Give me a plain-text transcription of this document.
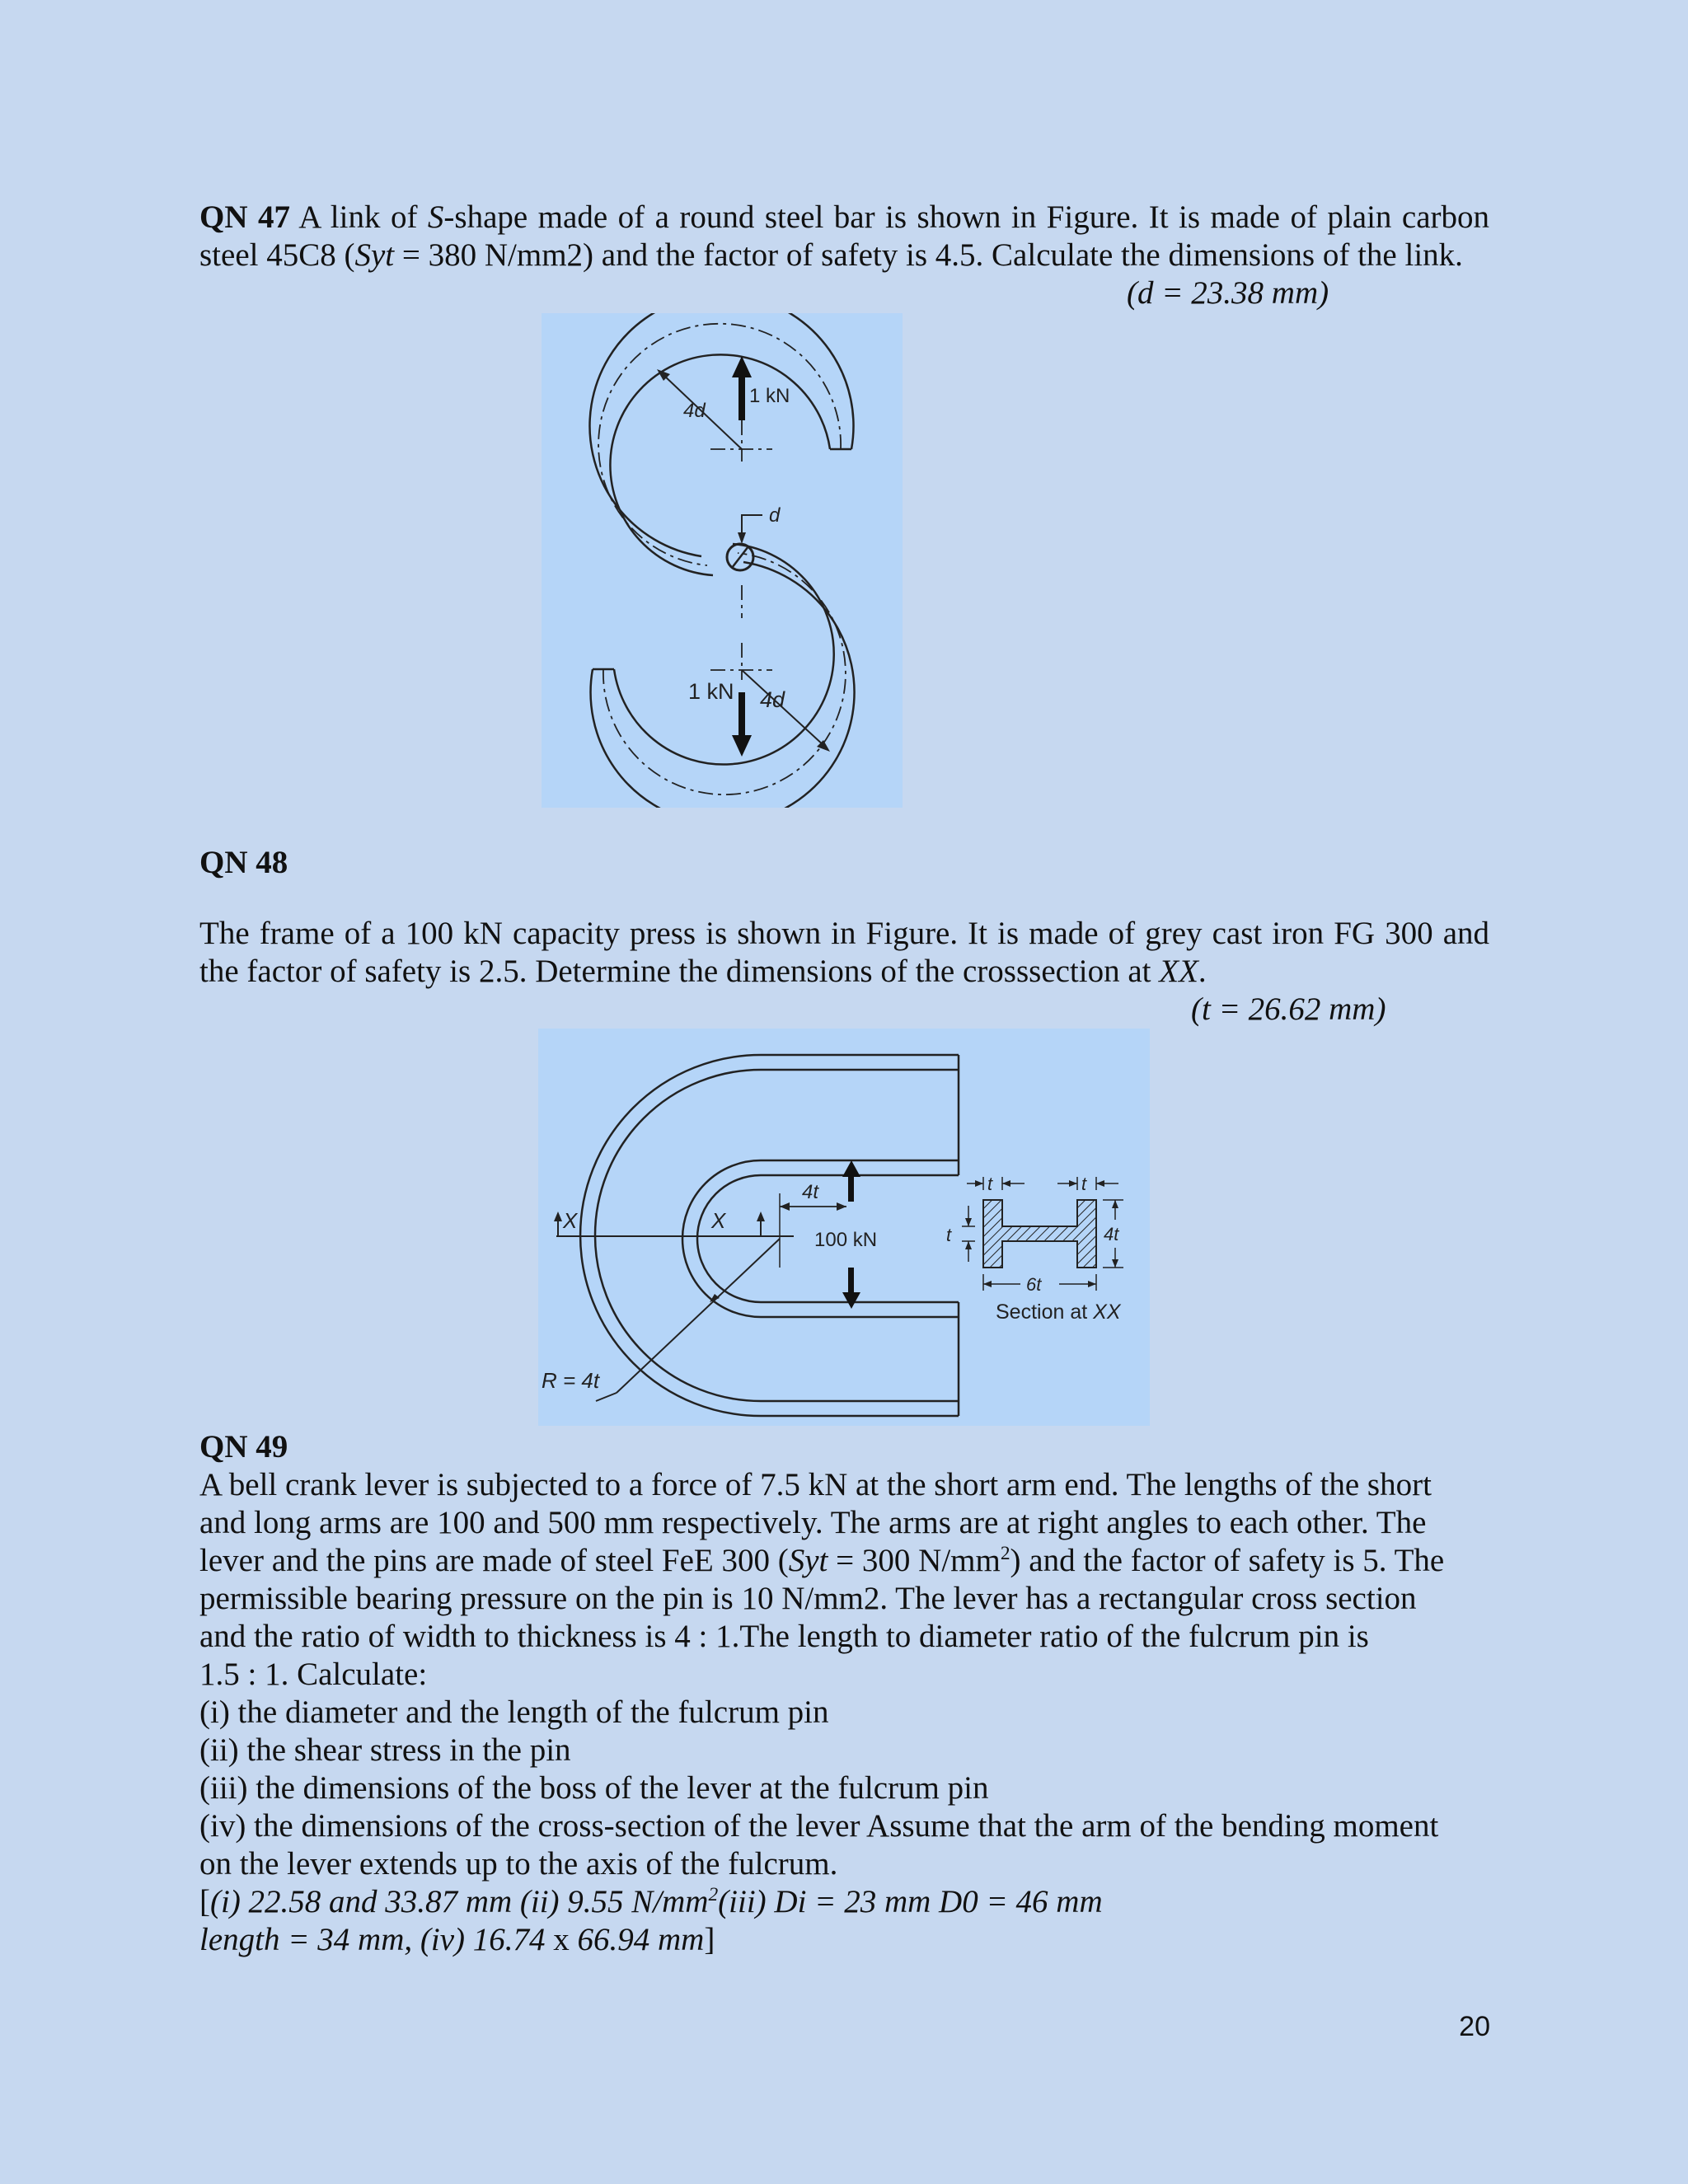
QN 47 A link of S-shape made of a round steel bar is shown in Figure. It is made of plain carbon steel 45C8 (Syt = 380 N/mm2) and the factor of safety is 4.5. Calculate the dimensions of the link.
(d = 23.38 mm)
4d
1 kN
d
1 kN 4d
QN 48
The frame of a 100 kN capacity press is shown in Figure. It is made of grey cast iron FG 300 and the factor of safety is 2.5. Determine the dimensions of the crosssection at XX.
(t = 26.62 mm)
X	X
R = 4t
4t
100 kN
t	t
t	4t
6t
Section at XX
QN 49
A bell crank lever is subjected to a force of 7.5 kN at the short arm end. The lengths of the short
and long arms are 100 and 500 mm respectively. The arms are at right angles to each other. The
lever and the pins are made of steel FeE 300 (Syt = 300 $N/mm^2$) and the factor of safety is 5. The
permissible bearing pressure on the pin is 10 N/mm2. The lever has a rectangular cross section
and the ratio of width to thickness is 4 : 1.The length to diameter ratio of the fulcrum pin is
1.5 : 1. Calculate:
(i) the diameter and the length of the fulcrum pin
(ii) the shear stress in the pin
(iii) the dimensions of the boss of the lever at the fulcrum pin
(iv) the dimensions of the cross-section of the lever Assume that the arm of the bending moment
on the lever extends up to the axis of the fulcrum.
[(i) 22.58 and 33.87 mm (ii) 9.55 $N/mm^2(iii) Di = 23$ mm D0 = 46 mm
length = 34 mm, (iv) 16.74 x 66.94 mm]
20
